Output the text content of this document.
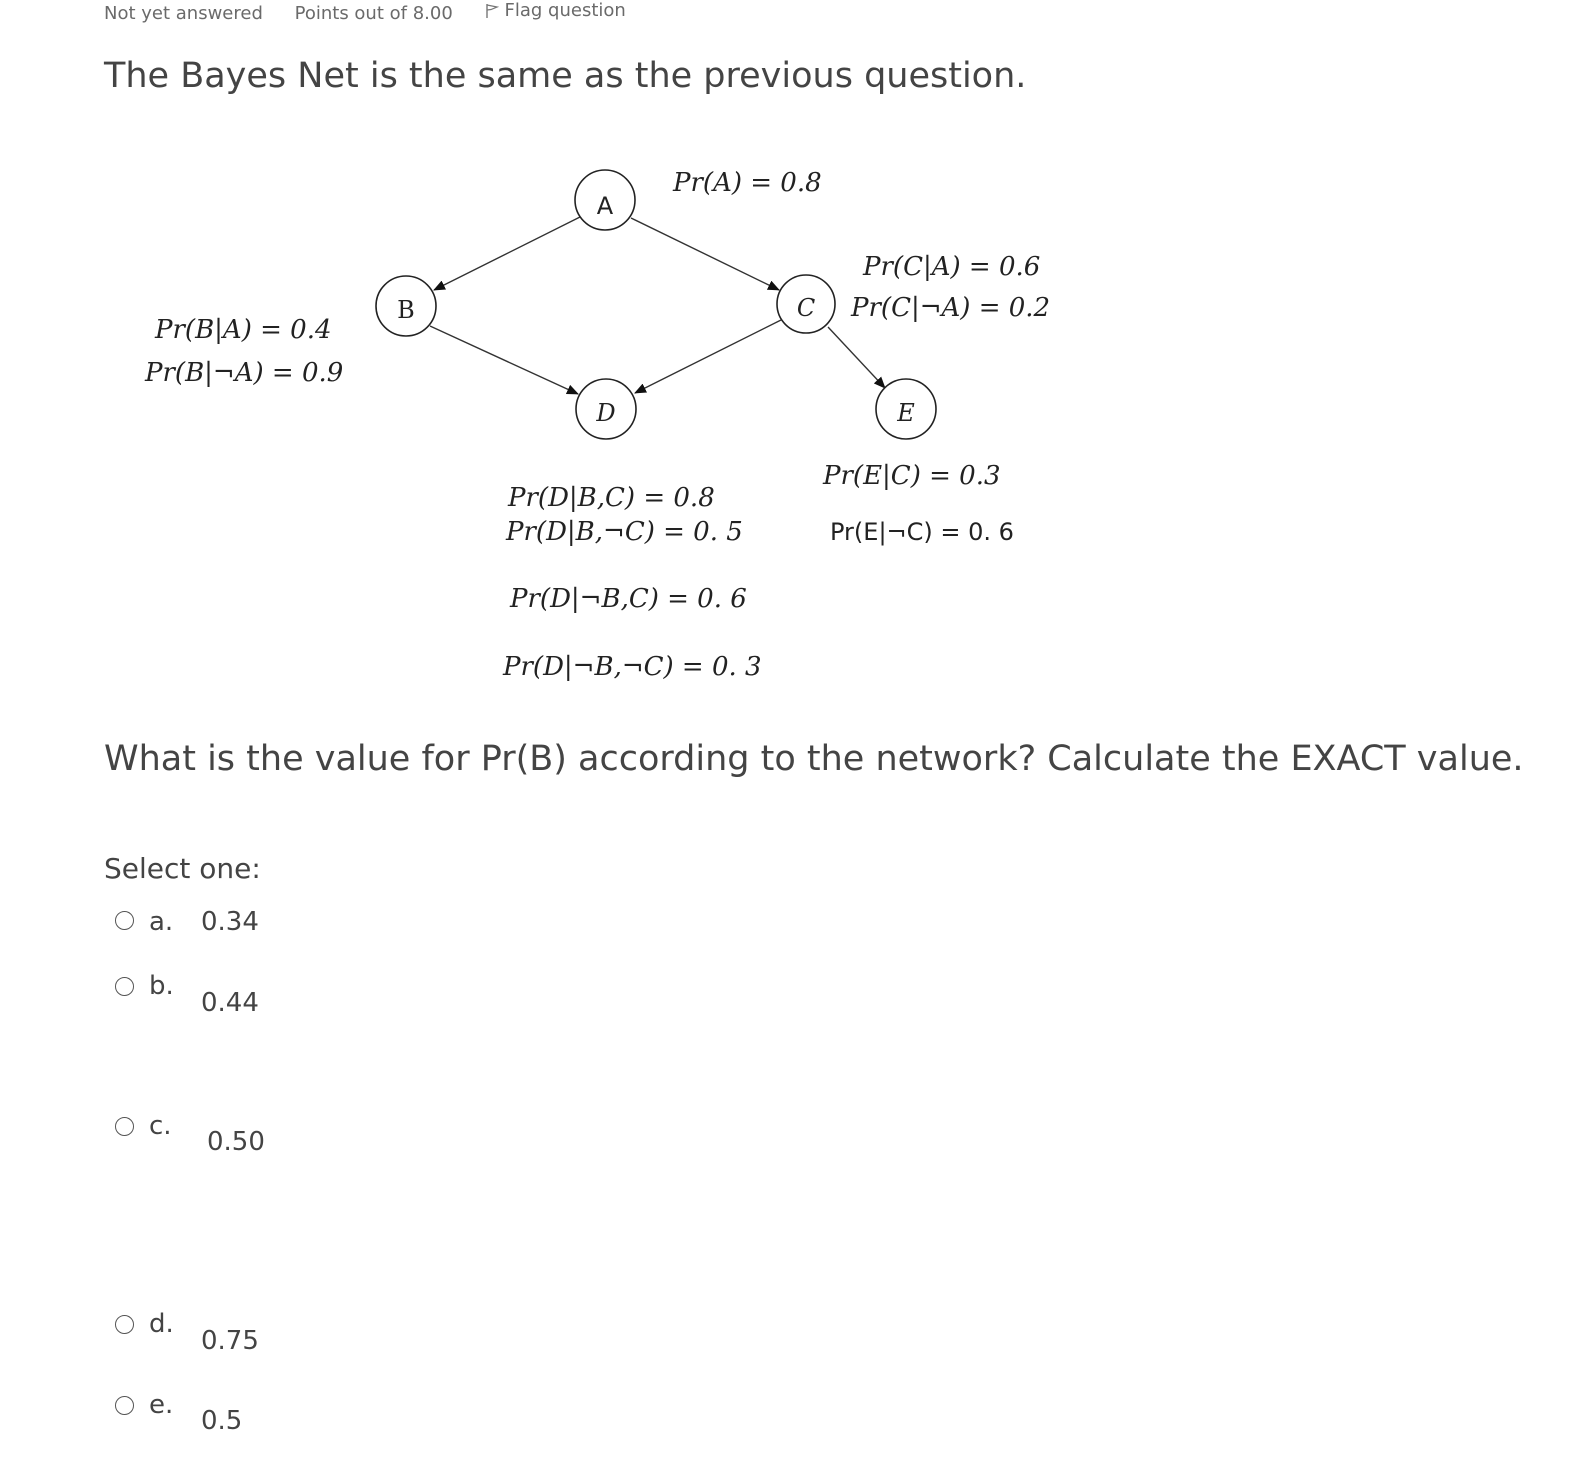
Not yet answered Points out of 8.00	Flag question
The Bayes Net is the same as the previous question.
A
B	C
D	E
Pr(A) = 0.8
Pr(C|A) = 0.6
Pr(C|¬A) = 0.2
Pr(B|A) = 0.4
Pr(B|¬A) = 0.9
Pr(D|B,C) = 0.8
Pr(D|B,¬C) = 0. 5
Pr(D|¬B,C) = 0. 6
Pr(D|¬B,¬C) = 0. 3
Pr(E|C) = 0.3
Pr(E|¬C) = 0. 6
What is the value for Pr(B) according to the network? Calculate the EXACT value.
Select one:
a. 0.34
b.
0.44
c.
0.50
d.
0.75
e.
0.5
